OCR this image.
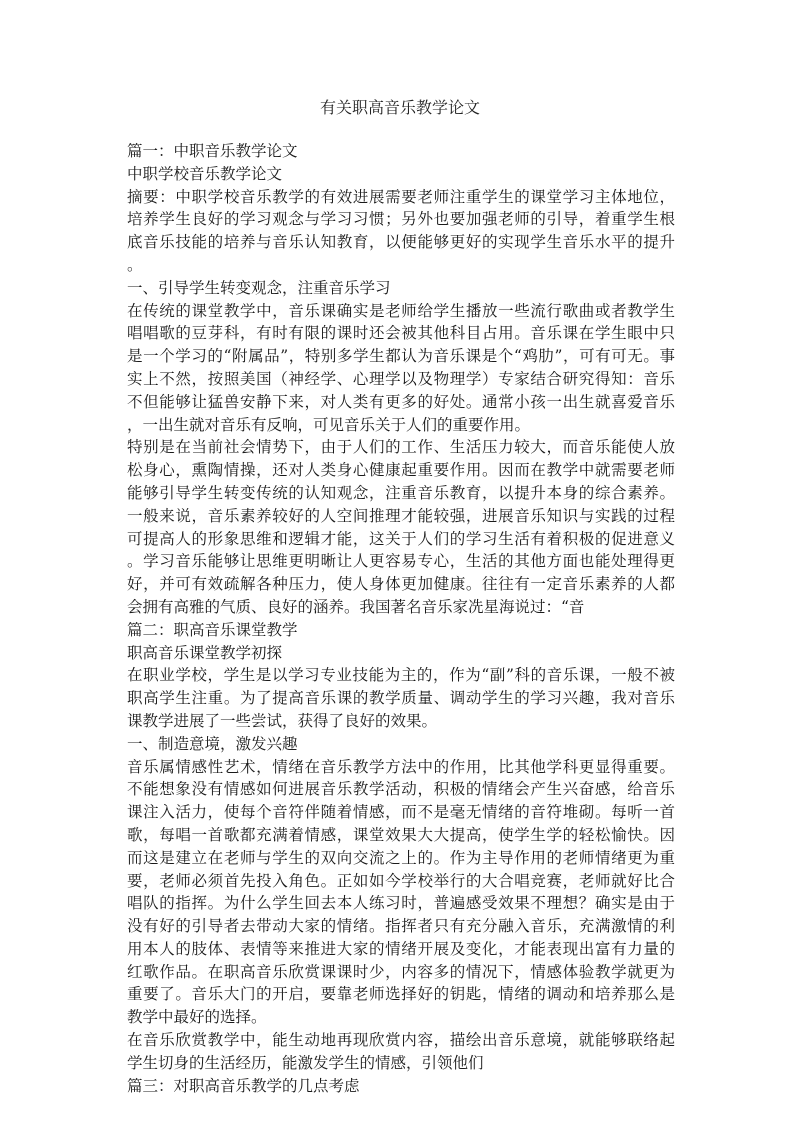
有关职高音乐教学论文
篇一：中职音乐教学论文
中职学校音乐教学论文
摘要：中职学校音乐教学的有效进展需要老师注重学生的课堂学习主体地位，
培养学生良好的学习观念与学习习惯；另外也要加强老师的引导，着重学生根
底音乐技能的培养与音乐认知教育，以便能够更好的实现学生音乐水平的提升
。
一、引导学生转变观念，注重音乐学习
在传统的课堂教学中，音乐课确实是老师给学生播放一些流行歌曲或者教学生
唱唱歌的豆芽科，有时有限的课时还会被其他科目占用。音乐课在学生眼中只
是一个学习的“附属品”，特别多学生都认为音乐课是个“鸡肋”，可有可无。事
实上不然，按照美国（神经学、心理学以及物理学）专家结合研究得知：音乐
不但能够让猛兽安静下来，对人类有更多的好处。通常小孩一出生就喜爱音乐
，一出生就对音乐有反响，可见音乐关于人们的重要作用。
特别是在当前社会情势下，由于人们的工作、生活压力较大，而音乐能使人放
松身心，熏陶情操，还对人类身心健康起重要作用。因而在教学中就需要老师
能够引导学生转变传统的认知观念，注重音乐教育，以提升本身的综合素养。
一般来说，音乐素养较好的人空间推理才能较强，进展音乐知识与实践的过程
可提高人的形象思维和逻辑才能，这关于人们的学习生活有着积极的促进意义
。学习音乐能够让思维更明晰让人更容易专心，生活的其他方面也能处理得更
好，并可有效疏解各种压力，使人身体更加健康。往往有一定音乐素养的人都
会拥有高雅的气质、良好的涵养。我国著名音乐家冼星海说过：“音
篇二：职高音乐课堂教学
职高音乐课堂教学初探
在职业学校，学生是以学习专业技能为主的，作为“副”科的音乐课，一般不被
职高学生注重。为了提高音乐课的教学质量、调动学生的学习兴趣，我对音乐
课教学进展了一些尝试，获得了良好的效果。
一、制造意境，激发兴趣
音乐属情感性艺术，情绪在音乐教学方法中的作用，比其他学科更显得重要。
不能想象没有情感如何进展音乐教学活动，积极的情绪会产生兴奋感，给音乐
课注入活力，使每个音符伴随着情感，而不是毫无情绪的音符堆砌。每听一首
歌，每唱一首歌都充满着情感，课堂效果大大提高，使学生学的轻松愉快。因
而这是建立在老师与学生的双向交流之上的。作为主导作用的老师情绪更为重
要，老师必须首先投入角色。正如如今学校举行的大合唱竞赛，老师就好比合
唱队的指挥。为什么学生回去本人练习时，普遍感受效果不理想？确实是由于
没有好的引导者去带动大家的情绪。指挥者只有充分融入音乐，充满激情的利
用本人的肢体、表情等来推进大家的情绪开展及变化，才能表现出富有力量的
红歌作品。在职高音乐欣赏课课时少，内容多的情况下，情感体验教学就更为
重要了。音乐大门的开启，要靠老师选择好的钥匙，情绪的调动和培养那么是
教学中最好的选择。
在音乐欣赏教学中，能生动地再现欣赏内容，描绘出音乐意境，就能够联络起
学生切身的生活经历，能激发学生的情感，引领他们
篇三：对职高音乐教学的几点考虑
